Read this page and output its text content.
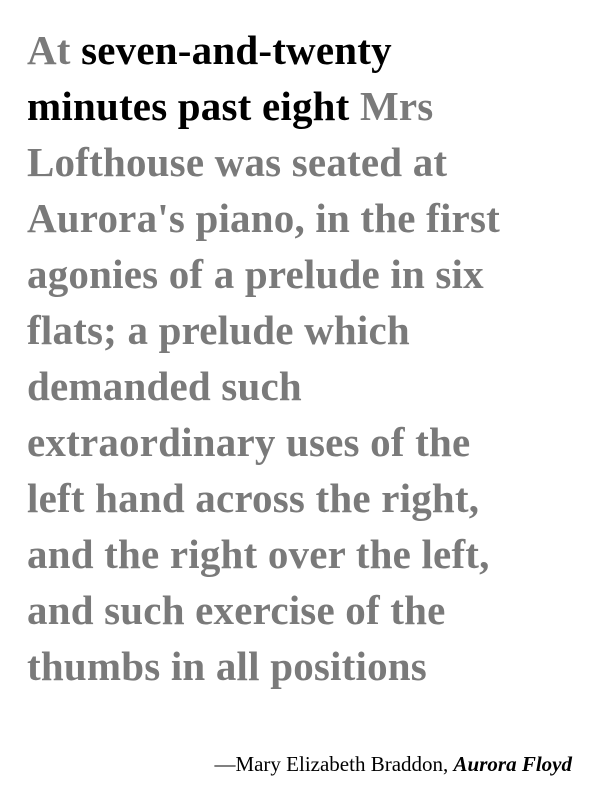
At seven-and-twenty
minutes past eight Mrs
Lofthouse was seated at
Aurora's piano, in the first
agonies of a prelude in six
flats; a prelude which
demanded such
extraordinary uses of the
left hand across the right,
and the right over the left,
and such exercise of the
thumbs in all positions

—Mary Elizabeth Braddon, Aurora Floyd
